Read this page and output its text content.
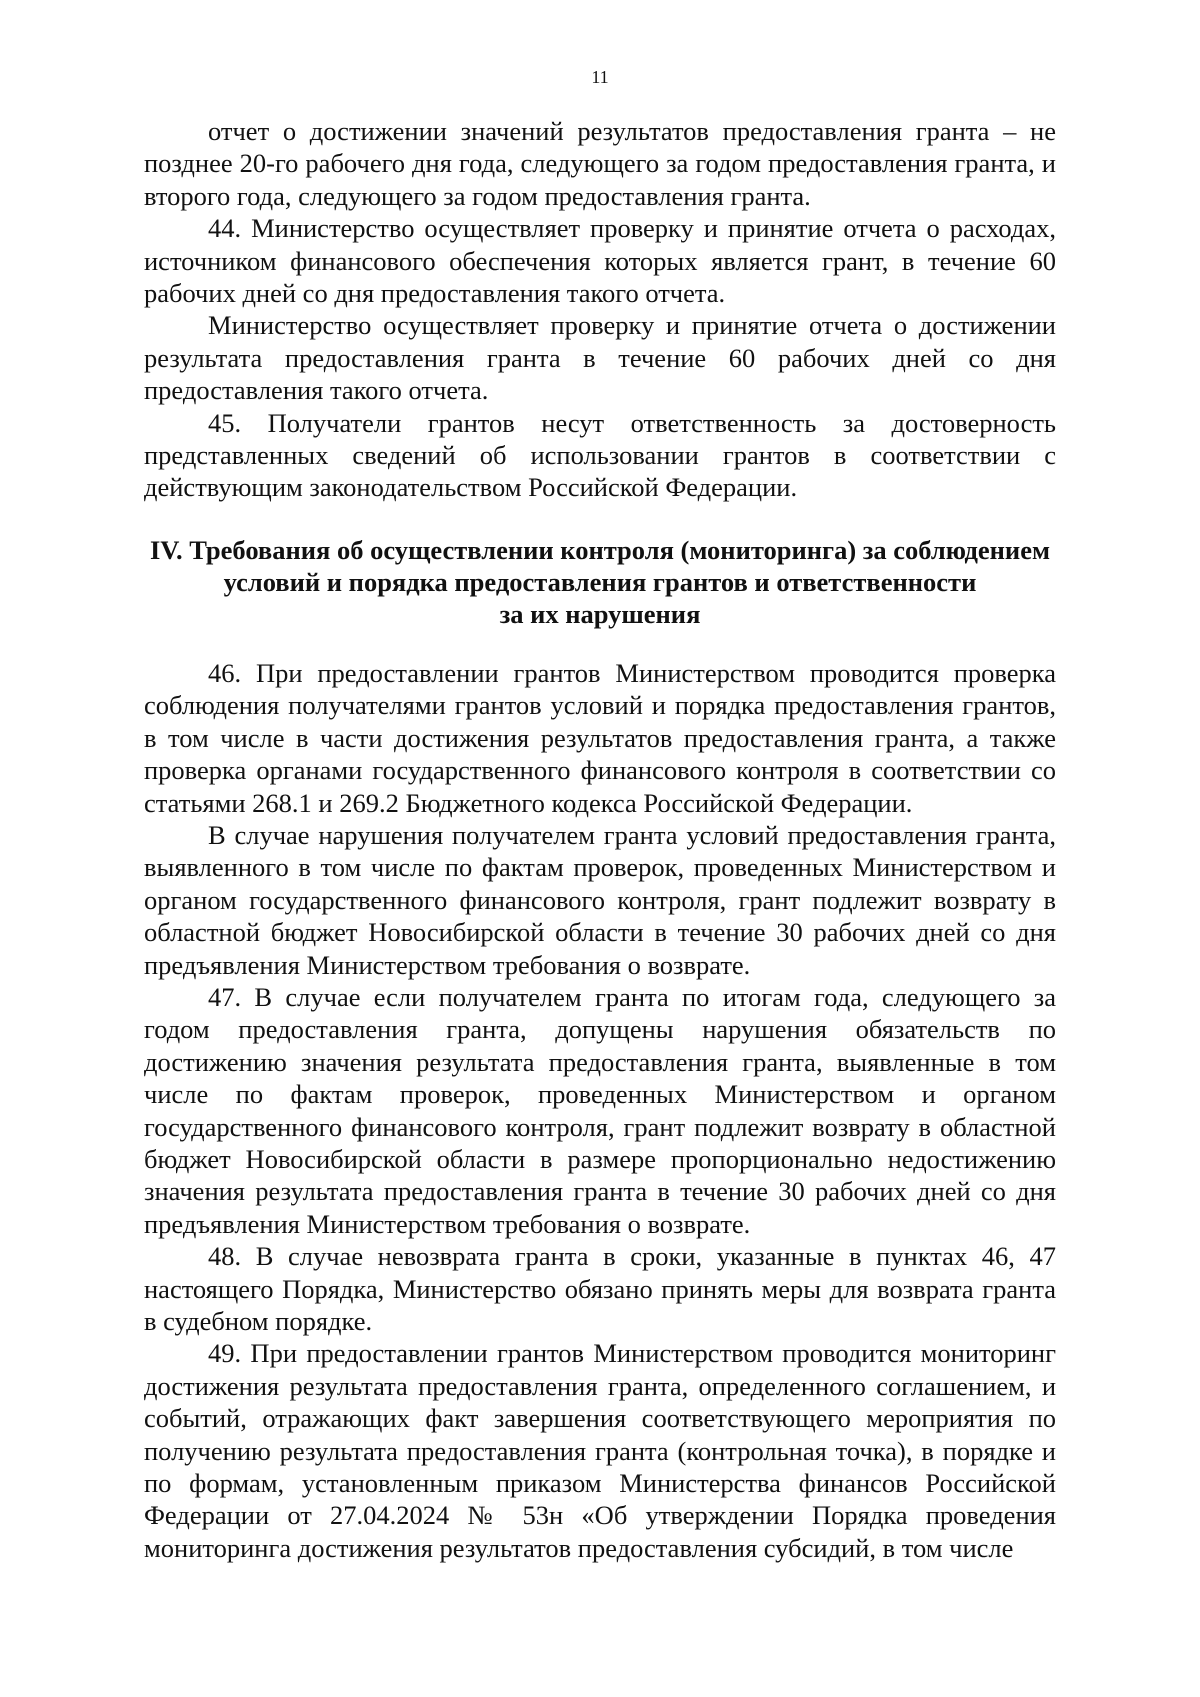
11

отчет о достижении значений результатов предоставления гранта – не позднее 20-го рабочего дня года, следующего за годом предоставления гранта, и второго года, следующего за годом предоставления гранта.

44. Министерство осуществляет проверку и принятие отчета о расходах, источником финансового обеспечения которых является грант, в течение 60 рабочих дней со дня предоставления такого отчета.

Министерство осуществляет проверку и принятие отчета о достижении результата предоставления гранта в течение 60 рабочих дней со дня предоставления такого отчета.

45. Получатели грантов несут ответственность за достоверность представленных сведений об использовании грантов в соответствии с действующим законодательством Российской Федерации.

IV. Требования об осуществлении контроля (мониторинга) за соблюдением
условий и порядка предоставления грантов и ответственности
за их нарушения

46. При предоставлении грантов Министерством проводится проверка соблюдения получателями грантов условий и порядка предоставления грантов, в том числе в части достижения результатов предоставления гранта, а также проверка органами государственного финансового контроля в соответствии со статьями 268.1 и 269.2 Бюджетного кодекса Российской Федерации.

В случае нарушения получателем гранта условий предоставления гранта, выявленного в том числе по фактам проверок, проведенных Министерством и органом государственного финансового контроля, грант подлежит возврату в областной бюджет Новосибирской области в течение 30 рабочих дней со дня предъявления Министерством требования о возврате.

47. В случае если получателем гранта по итогам года, следующего за годом предоставления гранта, допущены нарушения обязательств по достижению значения результата предоставления гранта, выявленные в том числе по фактам проверок, проведенных Министерством и органом государственного финансового контроля, грант подлежит возврату в областной бюджет Новосибирской области в размере пропорционально недостижению значения результата предоставления гранта в течение 30 рабочих дней со дня предъявления Министерством требования о возврате.

48. В случае невозврата гранта в сроки, указанные в пунктах 46, 47 настоящего Порядка, Министерство обязано принять меры для возврата гранта в судебном порядке.

49. При предоставлении грантов Министерством проводится мониторинг достижения результата предоставления гранта, определенного соглашением, и событий, отражающих факт завершения соответствующего мероприятия по получению результата предоставления гранта (контрольная точка), в порядке и по формам, установленным приказом Министерства финансов Российской Федерации от 27.04.2024 № 53н «Об утверждении Порядка проведения мониторинга достижения результатов предоставления субсидий, в том числе
